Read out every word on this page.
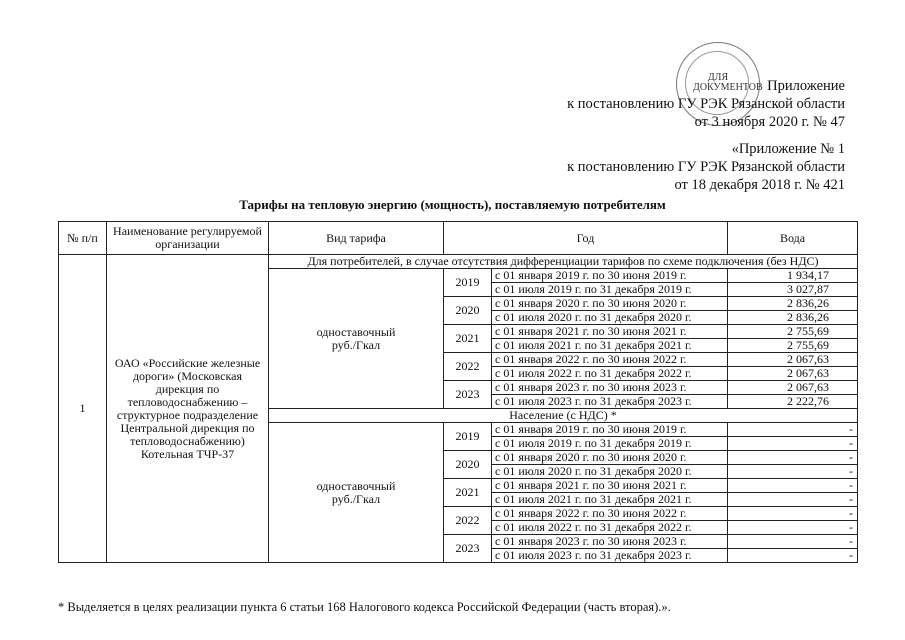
ДЛЯ
ДОКУМЕНТОВ Приложение
к постановлению ГУ РЭК Рязанской области
от 3 ноября 2020 г. № 47
«Приложение № 1
к постановлению ГУ РЭК Рязанской области
от 18 декабря 2018 г. № 421
Тарифы на тепловую энергию (мощность), поставляемую потребителям
№ п/п	Наименование регулируемой организации	Вид тарифа	Год		Вода
1	ОАО «Российские железные дороги» (Московская дирекция по тепловодоснабжению – структурное подразделение Центральной дирекция по тепловодоснабжению) Котельная ТЧР-37	Для потребителей, в случае отсутствия дифференциации тарифов по схеме подключения (без НДС)			

		одноставочный
руб./Гкал	2019	с 01 января 2019 г. по 30 июня 2019 г.	1 934,17
				с 01 июля 2019 г. по 31 декабря 2019 г.	3 027,87
			2020	с 01 января 2020 г. по 30 июня 2020 г.	2 836,26
				с 01 июля 2020 г. по 31 декабря 2020 г.	2 836,26
			2021	с 01 января 2021 г. по 30 июня 2021 г.	2 755,69
				с 01 июля 2021 г. по 31 декабря 2021 г.	2 755,69
			2022	с 01 января 2022 г. по 30 июня 2022 г.	2 067,63
				с 01 июля 2022 г. по 31 декабря 2022 г.	2 067,63
			2023	с 01 января 2023 г. по 30 июня 2023 г.	2 067,63
				с 01 июля 2023 г. по 31 декабря 2023 г.	2 222,76
		Население (с НДС) *			

		одноставочный
руб./Гкал	2019	с 01 января 2019 г. по 30 июня 2019 г.	-
				с 01 июля 2019 г. по 31 декабря 2019 г.	-
			2020	с 01 января 2020 г. по 30 июня 2020 г.	-
				с 01 июля 2020 г. по 31 декабря 2020 г.	-
			2021	с 01 января 2021 г. по 30 июня 2021 г.	-
				с 01 июля 2021 г. по 31 декабря 2021 г.	-
			2022	с 01 января 2022 г. по 30 июня 2022 г.	-
				с 01 июля 2022 г. по 31 декабря 2022 г.	-
			2023	с 01 января 2023 г. по 30 июня 2023 г.	-
				с 01 июля 2023 г. по 31 декабря 2023 г.	-
* Выделяется в целях реализации пункта 6 статьи 168 Налогового кодекса Российской Федерации (часть вторая).».
